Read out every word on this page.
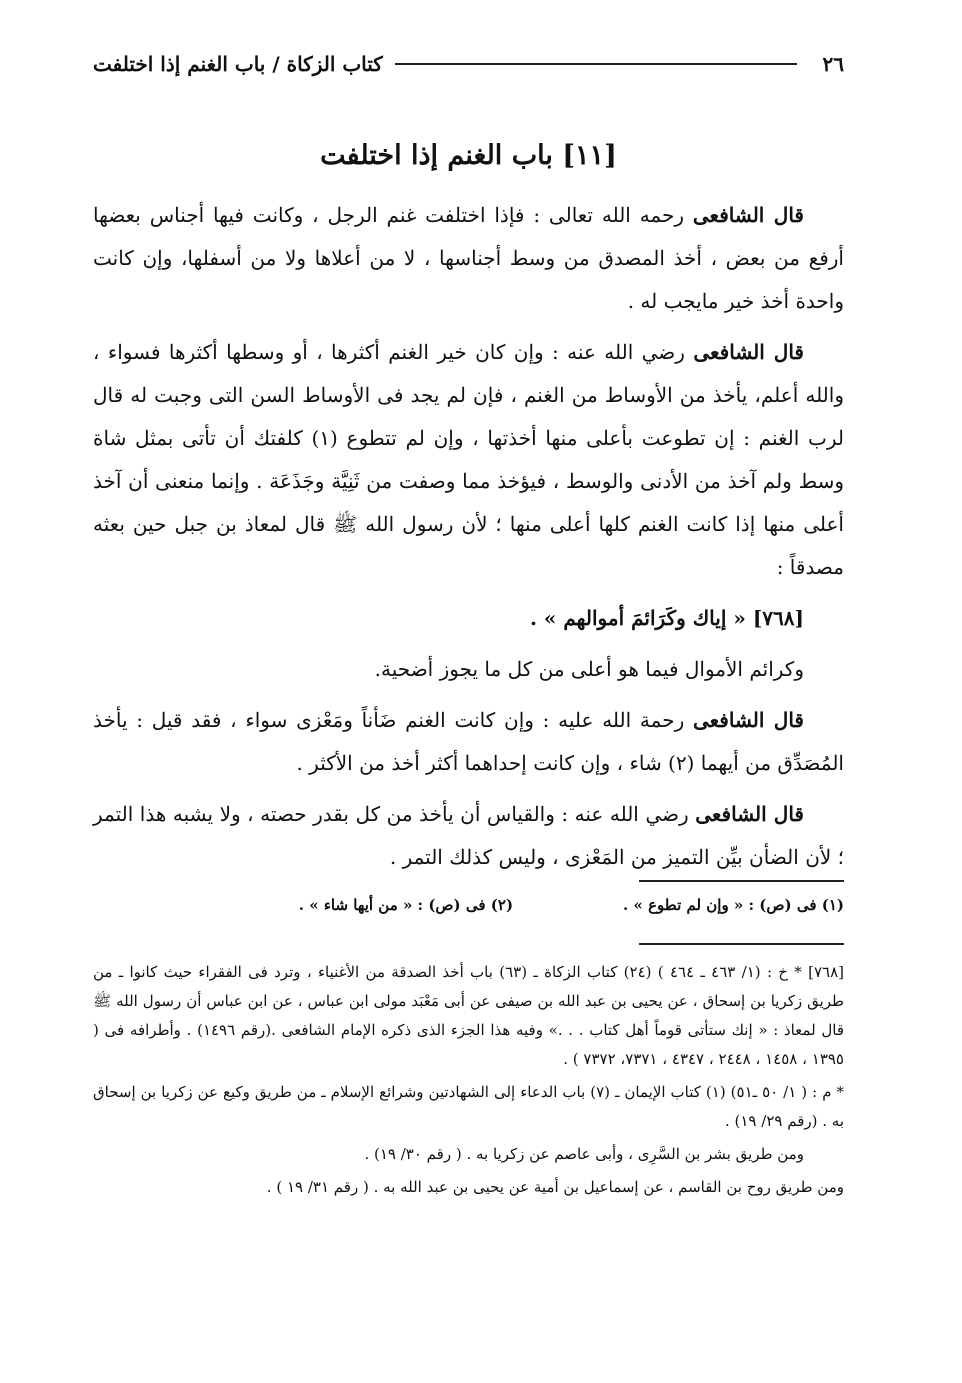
٢٦
كتاب الزكاة / باب الغنم إذا اختلفت
[١١] باب الغنم إذا اختلفت

قال الشافعى رحمه الله تعالى : فإذا اختلفت غنم الرجل ، وكانت فيها أجناس بعضها أرفع من بعض ، أخذ المصدق من وسط أجناسها ، لا من أعلاها ولا من أسفلها، وإن كانت واحدة أخذ خير مايجب له .

قال الشافعى رضي الله عنه : وإن كان خير الغنم أكثرها ، أو وسطها أكثرها فسواء ، والله أعلم، يأخذ من الأوساط من الغنم ، فإن لم يجد فى الأوساط السن التى وجبت له قال لرب الغنم : إن تطوعت بأعلى منها أخذتها ، وإن لم تتطوع (١) كلفتك أن تأتى بمثل شاة وسط ولم آخذ من الأدنى والوسط ، فيؤخذ مما وصفت من ثَنِيَّة وجَذَعَة . وإنما منعنى أن آخذ أعلى منها إذا كانت الغنم كلها أعلى منها ؛ لأن رسول الله ﷺ قال لمعاذ بن جبل حين بعثه مصدقاً :

[٧٦٨] « إياك وكَرَائمَ أموالهم » .

وكرائم الأموال فيما هو أعلى من كل ما يجوز أضحية.

قال الشافعى رحمة الله عليه : وإن كانت الغنم ضَأناً ومَعْزى سواء ، فقد قيل : يأخذ المُصَدِّق من أيهما (٢) شاء ، وإن كانت إحداهما أكثر أخذ من الأكثر .

قال الشافعى رضي الله عنه : والقياس أن يأخذ من كل بقدر حصته ، ولا يشبه هذا التمر ؛ لأن الضأن بيِّن التميز من المَعْزى ، وليس كذلك التمر .

(١) فى (ص) : « وإن لم تطوع » .
(٢) فى (ص) : « من أيها شاء » .

[٧٦٨] * خ : (١/ ٤٦٣ ـ ٤٦٤ ) (٢٤) كتاب الزكاة ـ (٦٣) باب أخذ الصدقة من الأغنياء ، وترد فى الفقراء حيث كانوا ـ من طريق زكريا بن إسحاق ، عن يحيى بن عبد الله بن صيفى عن أبى مَعْبَد مولى ابن عباس ، عن ابن عباس أن رسول الله ﷺ قال لمعاذ : « إنك ستأتى قوماً أهل كتاب . . .» وفيه هذا الجزء الذى ذكره الإمام الشافعى .(رقم ١٤٩٦) . وأطرافه فى ( ١٣٩٥ ، ١٤٥٨ ، ٢٤٤٨ ، ٤٣٤٧ ، ٧٣٧١، ٧٣٧٢ ) .

* م : ( ١/ ٥٠ ـ٥١) (١) كتاب الإيمان ـ (٧) باب الدعاء إلى الشهادتين وشرائع الإسلام ـ من طريق وكيع عن زكريا بن إسحاق به . (رقم ٢٩/ ١٩) .

ومن طريق بشر بن السَّرِى ، وأبى عاصم عن زكريا به . ( رقم ٣٠/ ١٩) .

ومن طريق روح بن القاسم ، عن إسماعيل بن أمية عن يحيى بن عبد الله به . ( رقم ٣١/ ١٩ ) .
